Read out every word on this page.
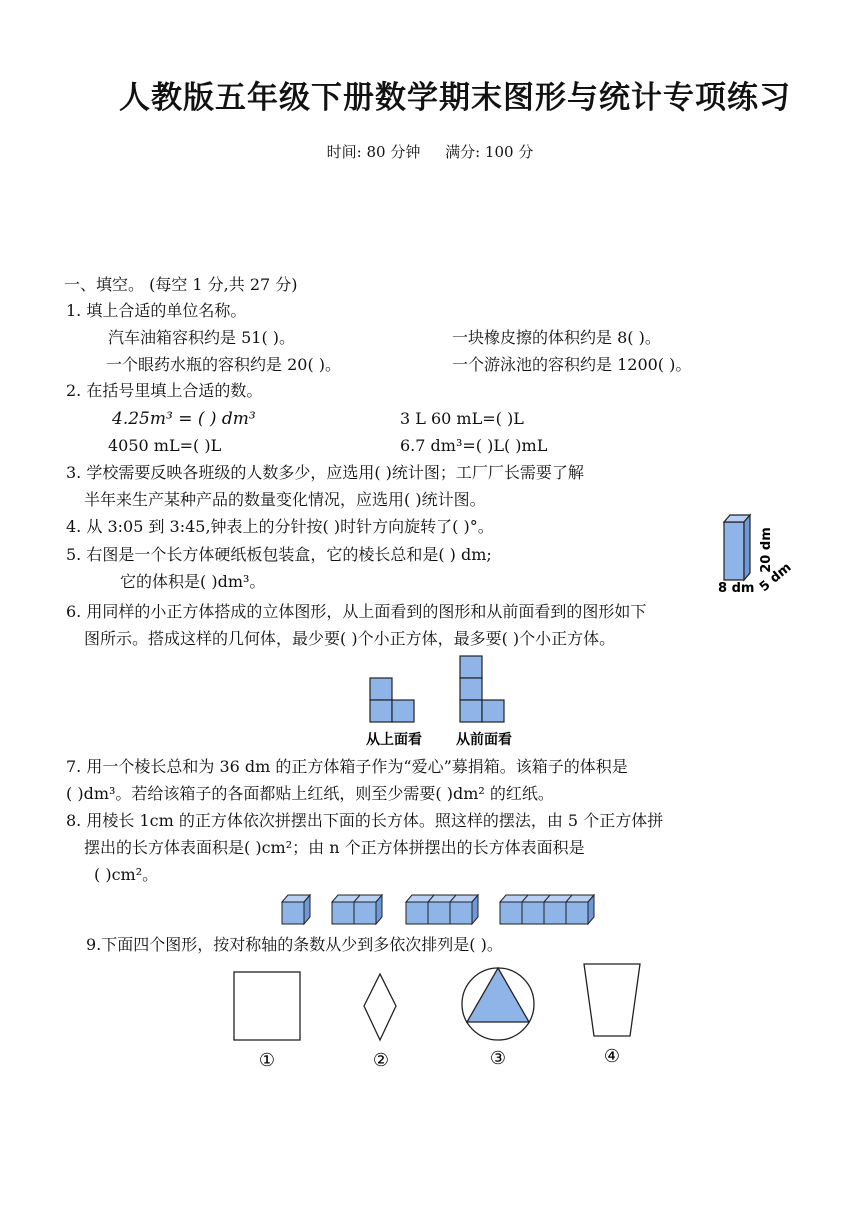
人教版五年级下册数学期末图形与统计专项练习
时间: 80 分钟 满分: 100 分
一、填空。 (每空 1 分,共 27 分)
1. 填上合适的单位名称。
汽车油箱容积约是 51( )。	一块橡皮擦的体积约是 8( )。
一个眼药水瓶的容积约是 20( )。	一个游泳池的容积约是 1200( )。
2. 在括号里填上合适的数。
4.25m³ = ( ) dm³	3 L 60 mL=( )L
4050 mL=( )L	6.7 dm³=( )L( )mL
3. 学校需要反映各班级的人数多少，应选用( )统计图；工厂厂长需要了解
半年来生产某种产品的数量变化情况，应选用( )统计图。
4. 从 3:05 到 3:45,钟表上的分针按( )时针方向旋转了( )°。
5. 右图是一个长方体硬纸板包装盒，它的棱长总和是( ) dm;
它的体积是( )dm³。
20 dm
8 dm 5 dm
6. 用同样的小正方体搭成的立体图形，从上面看到的图形和从前面看到的图形如下
图所示。搭成这样的几何体，最少要( )个小正方体，最多要( )个小正方体。
从上面看 从前面看
7. 用一个棱长总和为 36 dm 的正方体箱子作为“爱心”募捐箱。该箱子的体积是
( )dm³。若给该箱子的各面都贴上红纸，则至少需要( )dm² 的红纸。
8. 用棱长 1cm 的正方体依次拼摆出下面的长方体。照这样的摆法，由 5 个正方体拼
摆出的长方体表面积是( )cm²；由 n 个正方体拼摆出的长方体表面积是
( )cm²。
9.下面四个图形，按对称轴的条数从少到多依次排列是( )。
①	②	③	④
